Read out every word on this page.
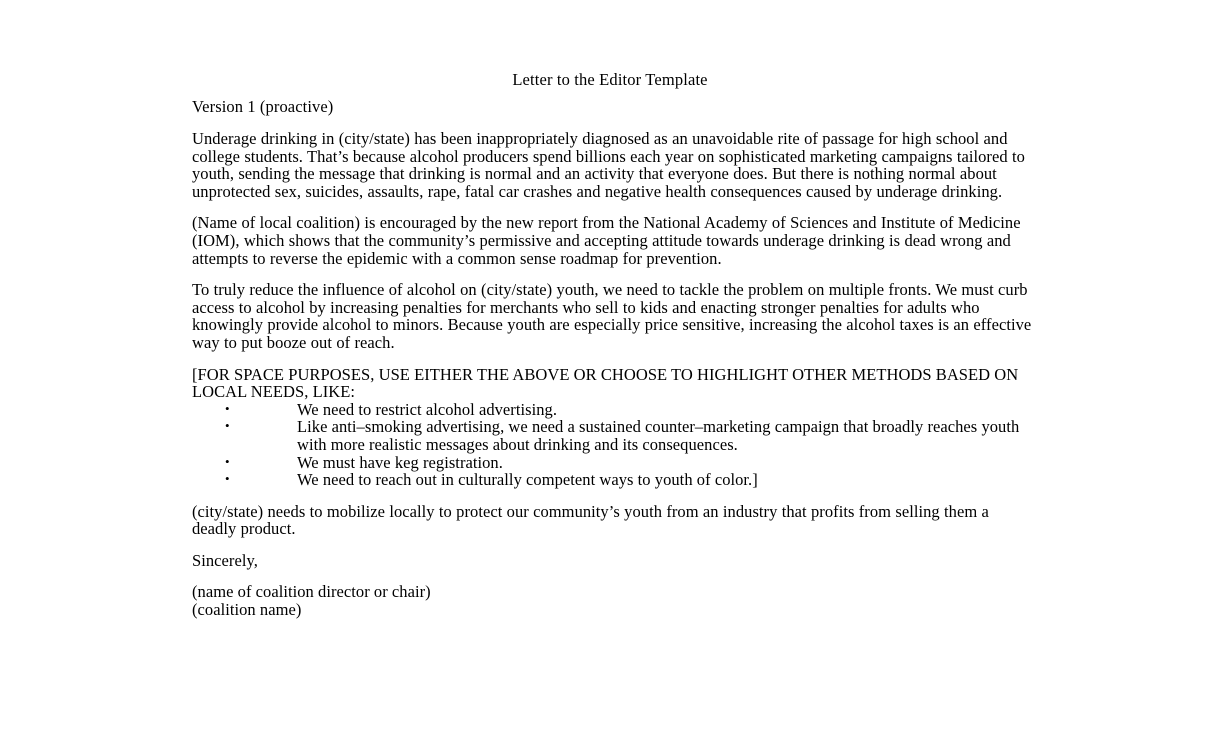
Letter to the Editor Template
Version 1 (proactive)

Underage drinking in (city/state) has been inappropriately diagnosed as an unavoidable rite of passage for high school and college students. That’s because alcohol producers spend billions each year on sophisticated marketing campaigns tailored to youth, sending the message that drinking is normal and an activity that everyone does. But there is nothing normal about unprotected sex, suicides, assaults, rape, fatal car crashes and negative health consequences caused by underage drinking.

(Name of local coalition) is encouraged by the new report from the National Academy of Sciences and Institute of Medicine (IOM), which shows that the community’s permissive and accepting attitude towards underage drinking is dead wrong and attempts to reverse the epidemic with a common sense roadmap for prevention.

To truly reduce the influence of alcohol on (city/state) youth, we need to tackle the problem on multiple fronts. We must curb access to alcohol by increasing penalties for merchants who sell to kids and enacting stronger penalties for adults who knowingly provide alcohol to minors. Because youth are especially price sensitive, increasing the alcohol taxes is an effective way to put booze out of reach.

[FOR SPACE PURPOSES, USE EITHER THE ABOVE OR CHOOSE TO HIGHLIGHT OTHER METHODS BASED ON LOCAL NEEDS, LIKE:
•	We need to restrict alcohol advertising.
•	Like anti–smoking advertising, we need a sustained counter–marketing campaign that broadly reaches youth with more realistic messages about drinking and its consequences.
•	We must have keg registration.
•	We need to reach out in culturally competent ways to youth of color.]

(city/state) needs to mobilize locally to protect our community’s youth from an industry that profits from selling them a deadly product.

Sincerely,

(name of coalition director or chair)
(coalition name)
